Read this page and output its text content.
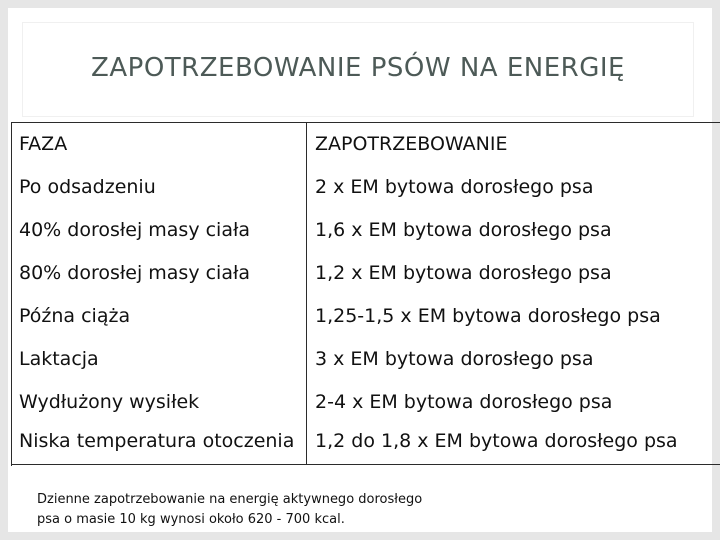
ZAPOTRZEBOWANIE PSÓW NA ENERGIĘ
FAZA	ZAPOTRZEBOWANIE
Po odsadzeniu	2 x EM bytowa dorosłego psa
40% dorosłej masy ciała	1,6 x EM bytowa dorosłego psa
80% dorosłej masy ciała	1,2 x EM bytowa dorosłego psa
Późna ciąża	1,25-1,5 x EM bytowa dorosłego psa
Laktacja	3 x EM bytowa dorosłego psa
Wydłużony wysiłek	2-4 x EM bytowa dorosłego psa
Niska temperatura otoczenia	1,2 do 1,8 x EM bytowa dorosłego psa
Dzienne zapotrzebowanie na energię aktywnego dorosłego
psa o masie 10 kg wynosi około 620 - 700 kcal.
